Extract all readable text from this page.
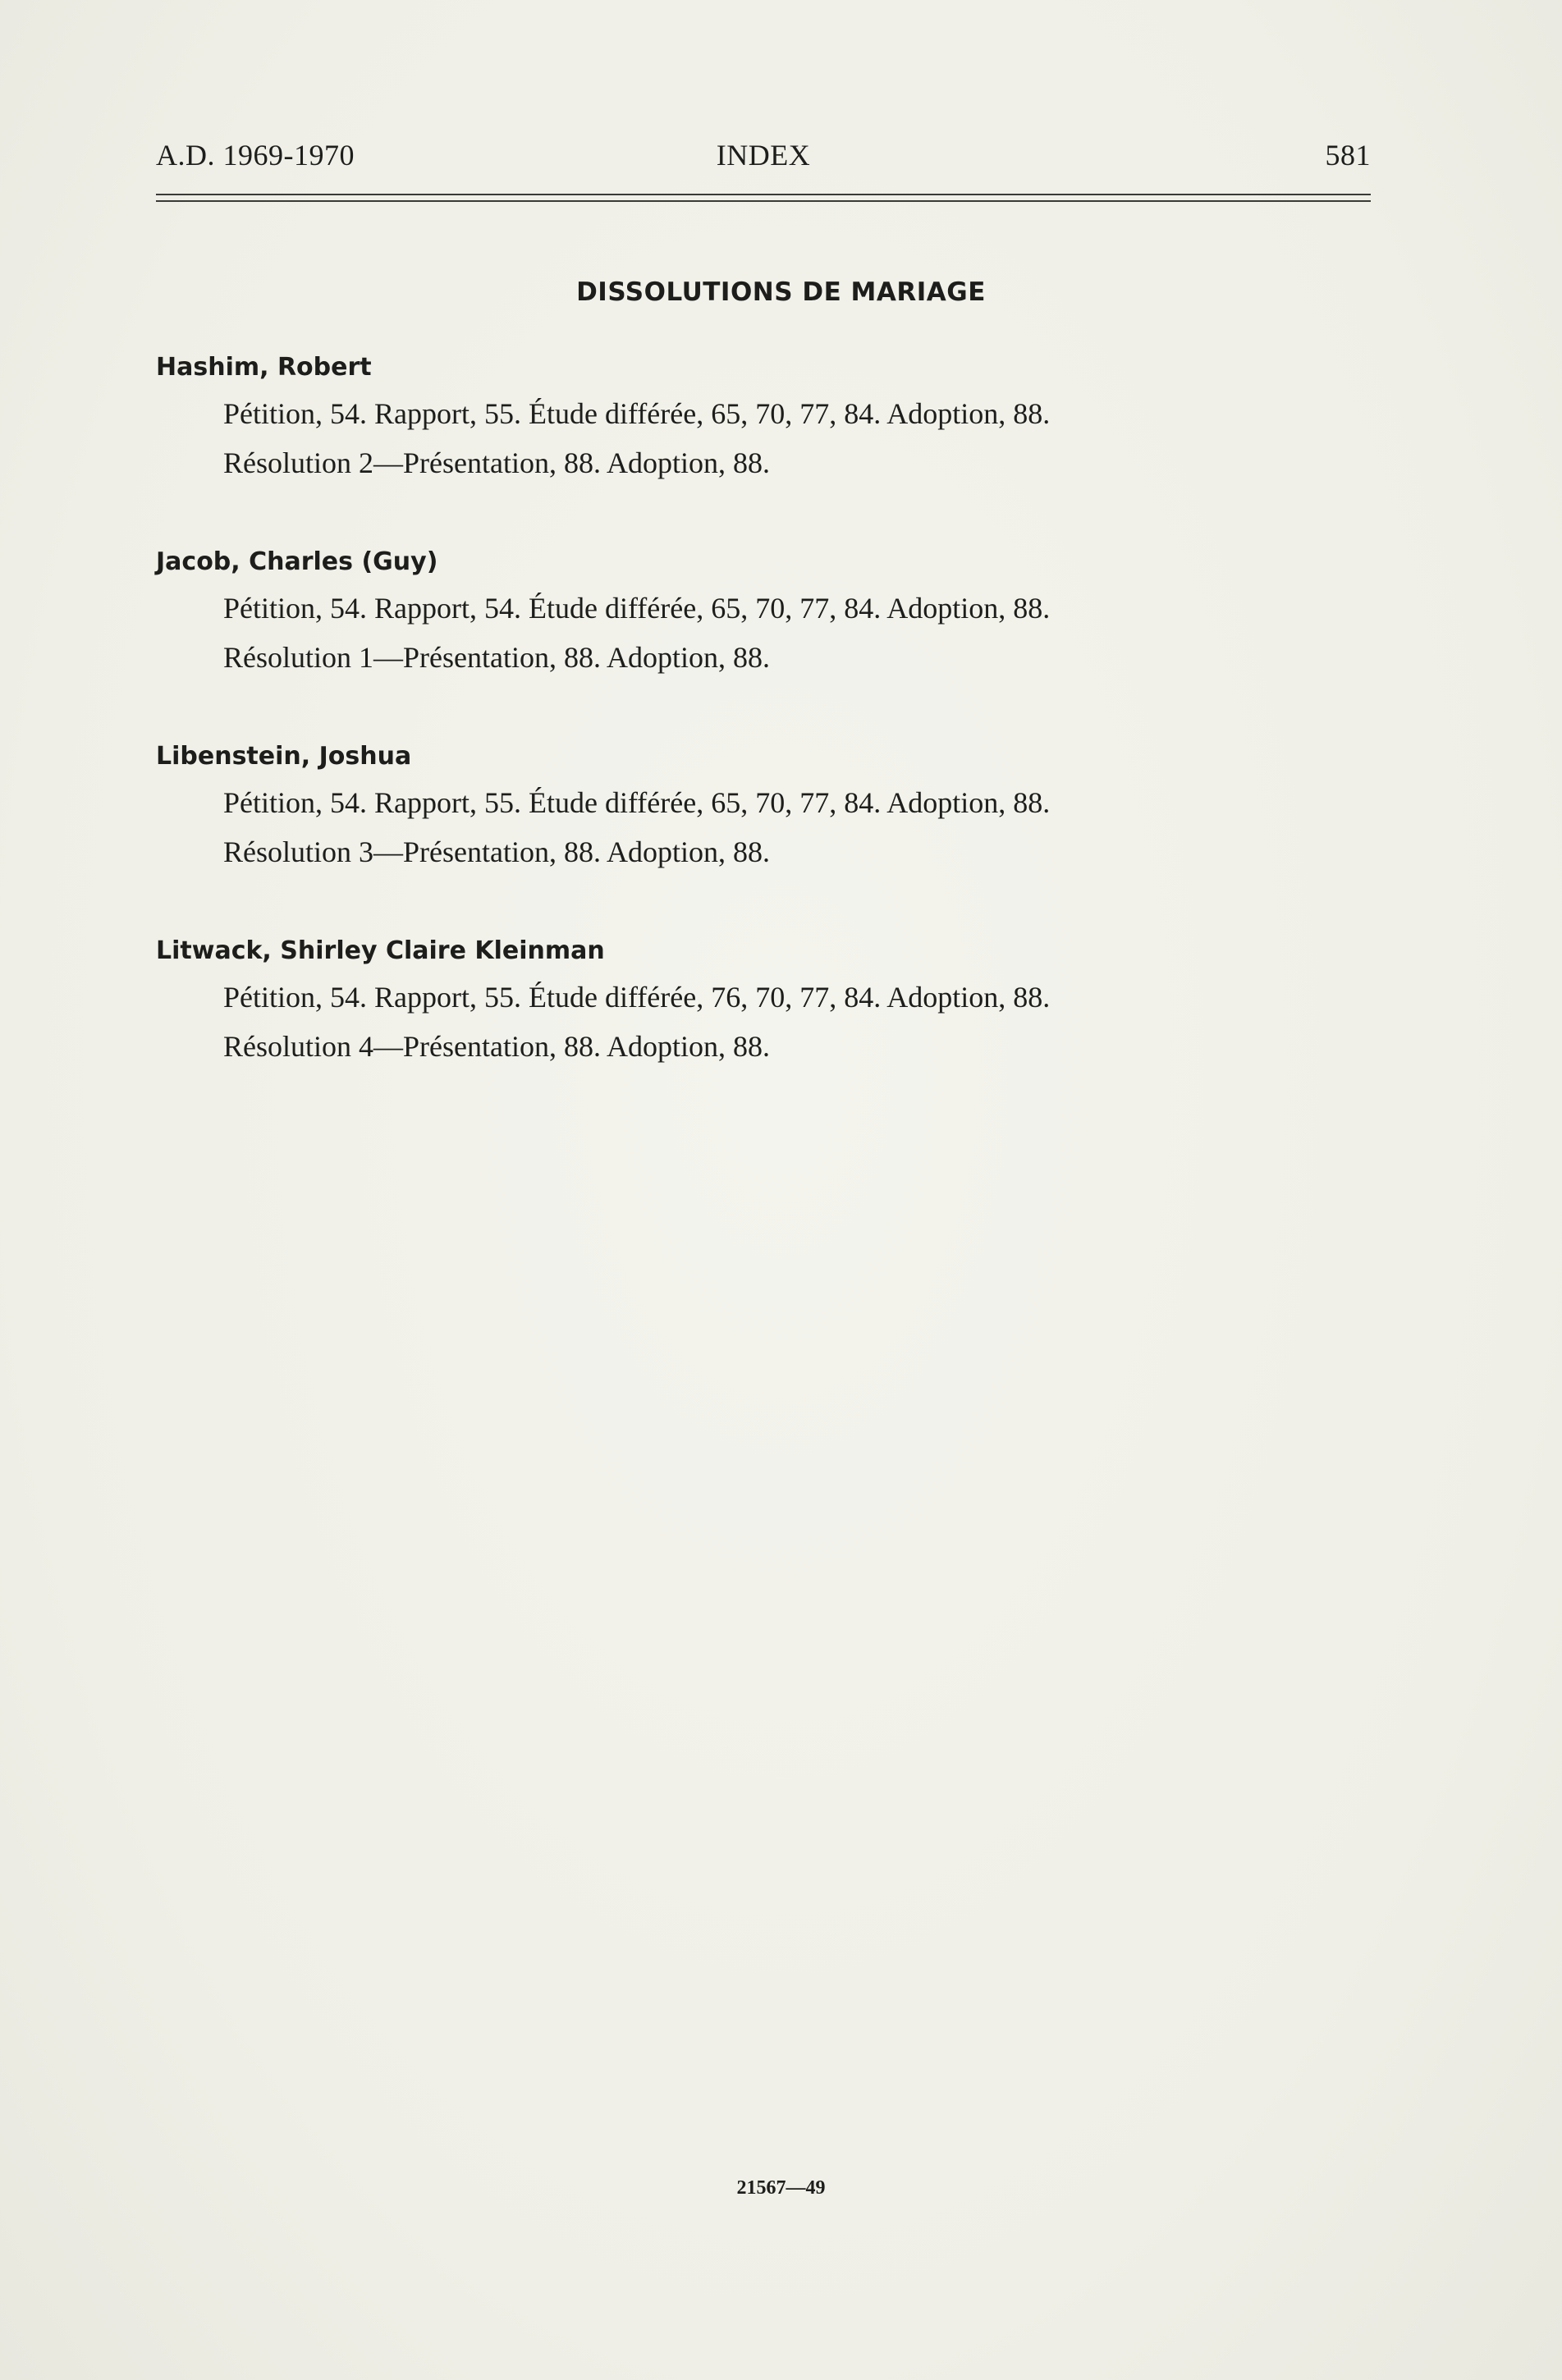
A.D. 1969-1970	INDEX	581
DISSOLUTIONS DE MARIAGE
Hashim, Robert
Pétition, 54. Rapport, 55. Étude différée, 65, 70, 77, 84. Adoption, 88.
Résolution 2—Présentation, 88. Adoption, 88.
Jacob, Charles (Guy)
Pétition, 54. Rapport, 54. Étude différée, 65, 70, 77, 84. Adoption, 88.
Résolution 1—Présentation, 88. Adoption, 88.
Libenstein, Joshua
Pétition, 54. Rapport, 55. Étude différée, 65, 70, 77, 84. Adoption, 88.
Résolution 3—Présentation, 88. Adoption, 88.
Litwack, Shirley Claire Kleinman
Pétition, 54. Rapport, 55. Étude différée, 76, 70, 77, 84. Adoption, 88.
Résolution 4—Présentation, 88. Adoption, 88.
21567—49
